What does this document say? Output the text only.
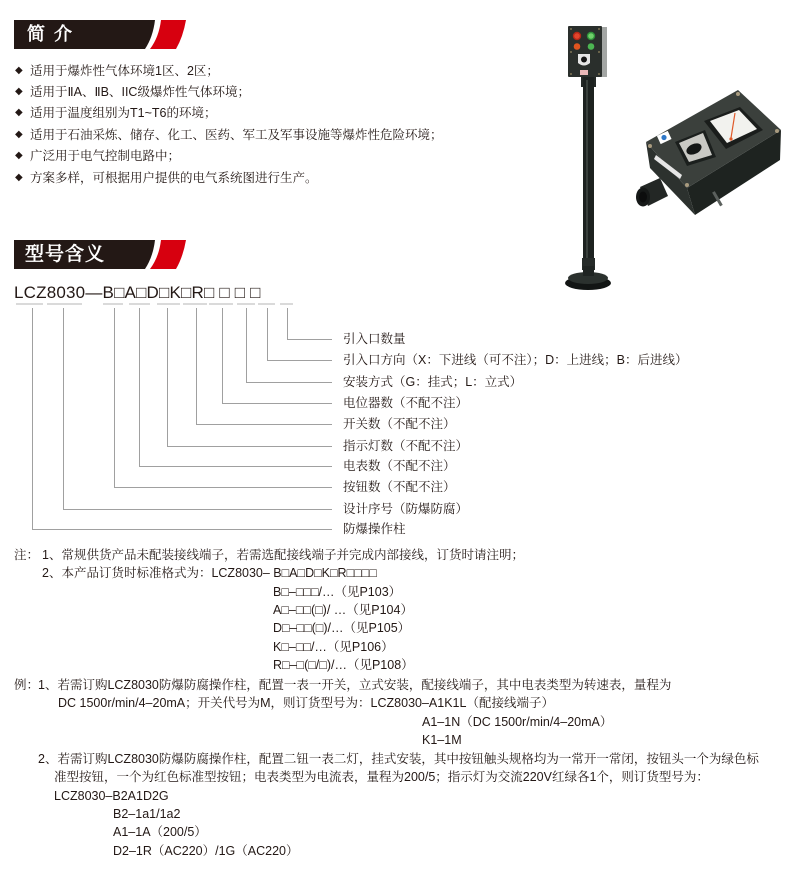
简 介
◆ 适用于爆炸性气体环境1区、2区；
◆ 适用于ⅡA、ⅡB、IIC级爆炸性气体环境；
◆ 适用于温度组别为T1~T6的环境；
◆ 适用于石油采炼、储存、化工、医药、军工及军事设施等爆炸性危险环境；
◆ 广泛用于电气控制电路中；
◆ 方案多样，可根据用户提供的电气系统图进行生产。
型号含义
LCZ8030—B□A□D□K□R□ □ □ □
引入口数量
引入口方向（X：下进线（可不注）；D：上进线；B：后进线）
安装方式（G：挂式；L：立式）
电位器数（不配不注）
开关数（不配不注）
指示灯数（不配不注）
电表数（不配不注）
按钮数（不配不注）
设计序号（防爆防腐）
防爆操作柱
注： 1、常规供货产品未配装接线端子，若需选配接线端子并完成内部接线，订货时请注明；
2、本产品订货时标准格式为：LCZ8030– B□A□D□K□R□□□□
B□–□□□/…（见P103）
A□–□□(□)/ …（见P104）
D□–□□(□)/…（见P105）
K□–□□/…（见P106）
R□–□(□/□)/…（见P108）
例：
1、若需订购LCZ8030防爆防腐操作柱，配置一表一开关，立式安装，配接线端子，其中电表类型为转速表，量程为
DC 1500r/min/4–20mA；开关代号为M，则订货型号为：LCZ8030–A1K1L（配接线端子）
A1–1N（DC 1500r/min/4–20mA）
K1–1M
2、若需订购LCZ8030防爆防腐操作柱，配置二钮一表二灯，挂式安装，其中按钮触头规格均为一常开一常闭，按钮头一个为绿色标
准型按钮，一个为红色标准型按钮；电表类型为电流表，量程为200/5；指示灯为交流220V红绿各1个，则订货型号为：
LCZ8030–B2A1D2G
B2–1a1/1a2
A1–1A（200/5）
D2–1R（AC220）/1G（AC220）
